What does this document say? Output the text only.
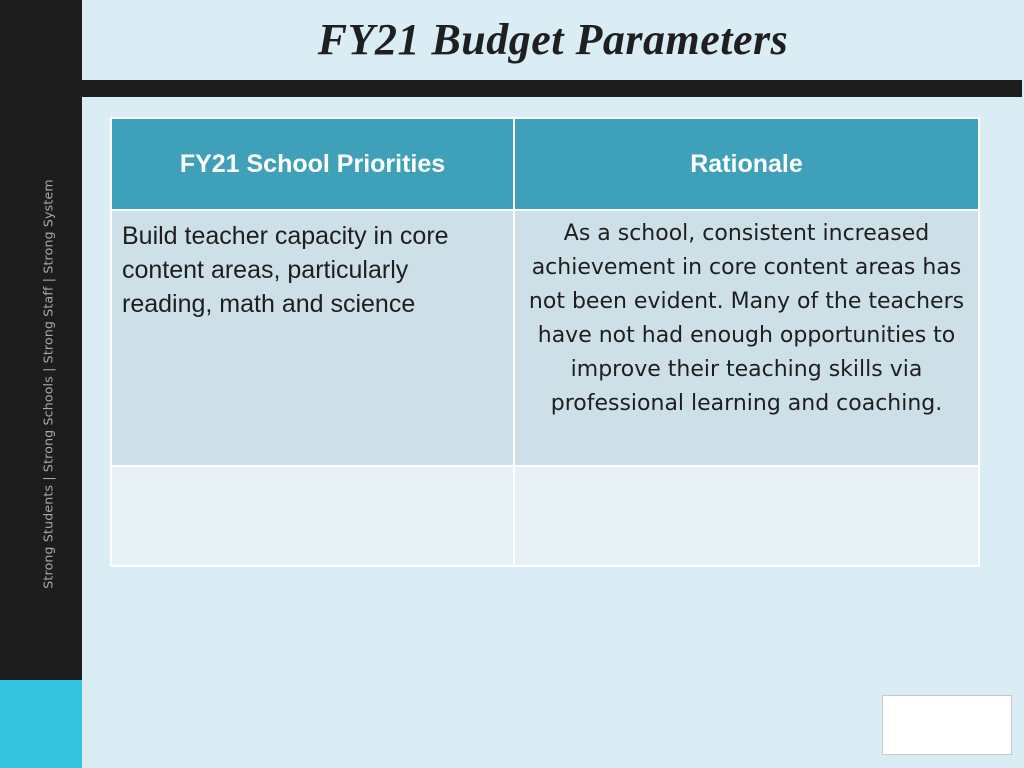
Strong Students | Strong Schools | Strong Staff | Strong System
FY21 Budget Parameters
FY21 School Priorities	Rationale
Build teacher capacity in core content areas, particularly reading, math and science	As a school, consistent increased achievement in core content areas has not been evident. Many of the teachers have not had enough opportunities to improve their teaching skills via professional learning and coaching.
